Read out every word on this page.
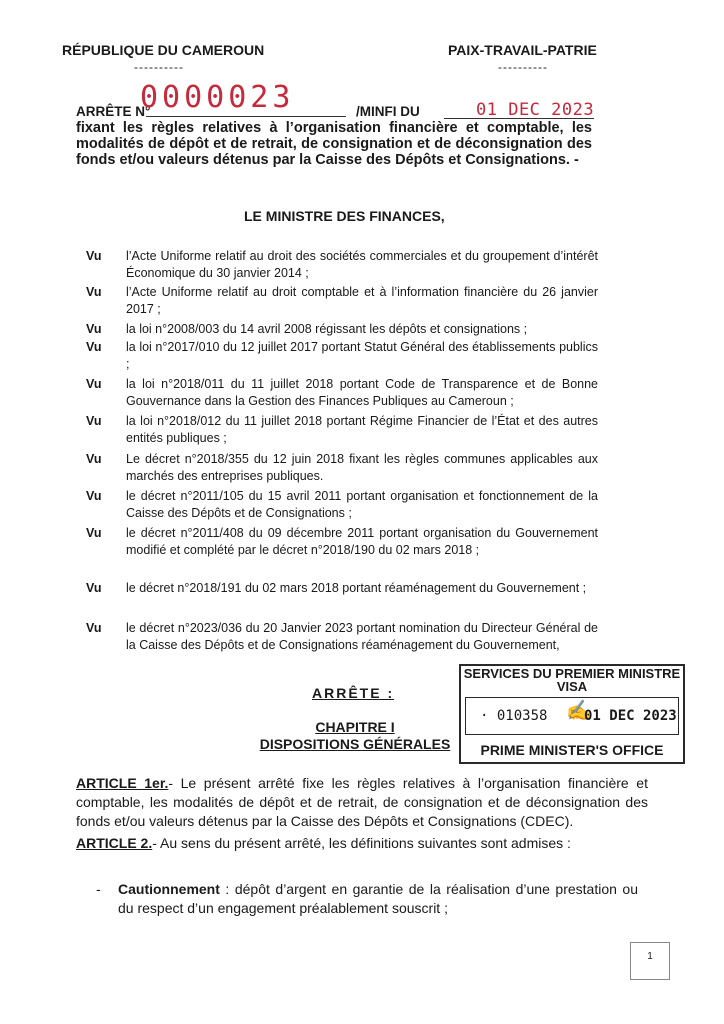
RÉPUBLIQUE DU CAMEROUN
----------
PAIX-TRAVAIL-PATRIE
----------
ARRÊTE N°
0000023	/MINFI DU	01 DEC 2023
fixant les règles relatives à l’organisation financière et comptable, les modalités de dépôt et de retrait, de consignation et de déconsignation des fonds et/ou valeurs détenus par la Caisse des Dépôts et Consignations. -
LE MINISTRE DES FINANCES,
Vu	l’Acte Uniforme relatif au droit des sociétés commerciales et du groupement d’intérêt Économique du 30 janvier 2014 ;
Vu	l’Acte Uniforme relatif au droit comptable et à l’information financière du 26 janvier 2017 ;
Vu	la loi n°2008/003 du 14 avril 2008 régissant les dépôts et consignations ;
Vu	la loi n°2017/010 du 12 juillet 2017 portant Statut Général des établissements publics ;
Vu	la loi n°2018/011 du 11 juillet 2018 portant Code de Transparence et de Bonne Gouvernance dans la Gestion des Finances Publiques au Cameroun ;
Vu	la loi n°2018/012 du 11 juillet 2018 portant Régime Financier de l’État et des autres entités publiques ;
Vu	Le décret n°2018/355 du 12 juin 2018 fixant les règles communes applicables aux marchés des entreprises publiques.
Vu	le décret n°2011/105 du 15 avril 2011 portant organisation et fonctionnement de la Caisse des Dépôts et de Consignations ;
Vu	le décret n°2011/408 du 09 décembre 2011 portant organisation du Gouvernement modifié et complété par le décret n°2018/190 du 02 mars 2018 ;
Vu	le décret n°2018/191 du 02 mars 2018 portant réaménagement du Gouvernement ;
Vu	le décret n°2023/036 du 20 Janvier 2023 portant nomination du Directeur Général de la Caisse des Dépôts et de Consignations réaménagement du Gouvernement,
ARRÊTE :
CHAPITRE I
DISPOSITIONS GÉNÉRALES
SERVICES DU PREMIER MINISTRE
VISA
· 010358 ✍
01 DEC 2023
PRIME MINISTER'S OFFICE
ARTICLE 1er.- Le présent arrêté fixe les règles relatives à l’organisation financière et comptable, les modalités de dépôt et de retrait, de consignation et de déconsignation des fonds et/ou valeurs détenus par la Caisse des Dépôts et Consignations (CDEC).
ARTICLE 2.- Au sens du présent arrêté, les définitions suivantes sont admises :
- Cautionnement : dépôt d’argent en garantie de la réalisation d’une prestation ou du respect d’un engagement préalablement souscrit ;
1
